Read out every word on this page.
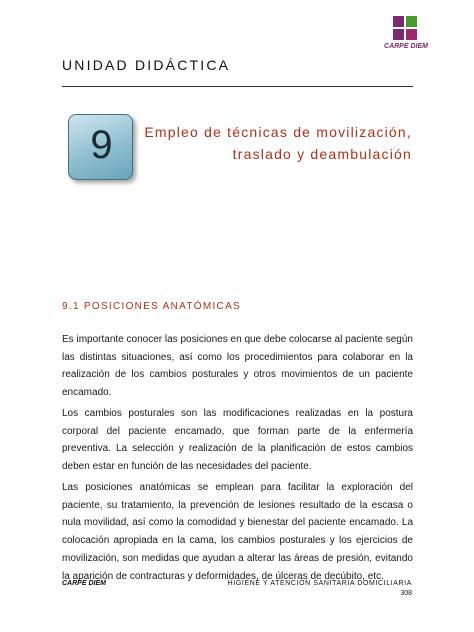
CARPE DIEM
UNIDAD DIDÁCTICA
9	Empleo de técnicas de movilización,
traslado y deambulación
9.1 POSICIONES ANATÓMICAS

Es importante conocer las posiciones en que debe colocarse al paciente según las distintas situaciones, así como los procedimientos para colaborar en la realización de los cambios posturales y otros movimientos de un paciente encamado.

Los cambios posturales son las modificaciones realizadas en la postura corporal del paciente encamado, que forman parte de la enfermería preventiva. La selección y realización de la planificación de estos cambios deben estar en función de las necesidades del paciente.

Las posiciones anatómicas se emplean para facilitar la exploración del paciente, su tratamiento, la prevención de lesiones resultado de la escasa o nula movilidad, así como la comodidad y bienestar del paciente encamado. La colocación apropiada en la cama, los cambios posturales y los ejercicios de movilización, son medidas que ayudan a alterar las áreas de presión, evitando la aparición de contracturas y deformidades, de úlceras de decúbito, etc.

CARPE DIEM	HIGIENE Y ATENCIÓN SANITARIA DOMICILIARIA
308
